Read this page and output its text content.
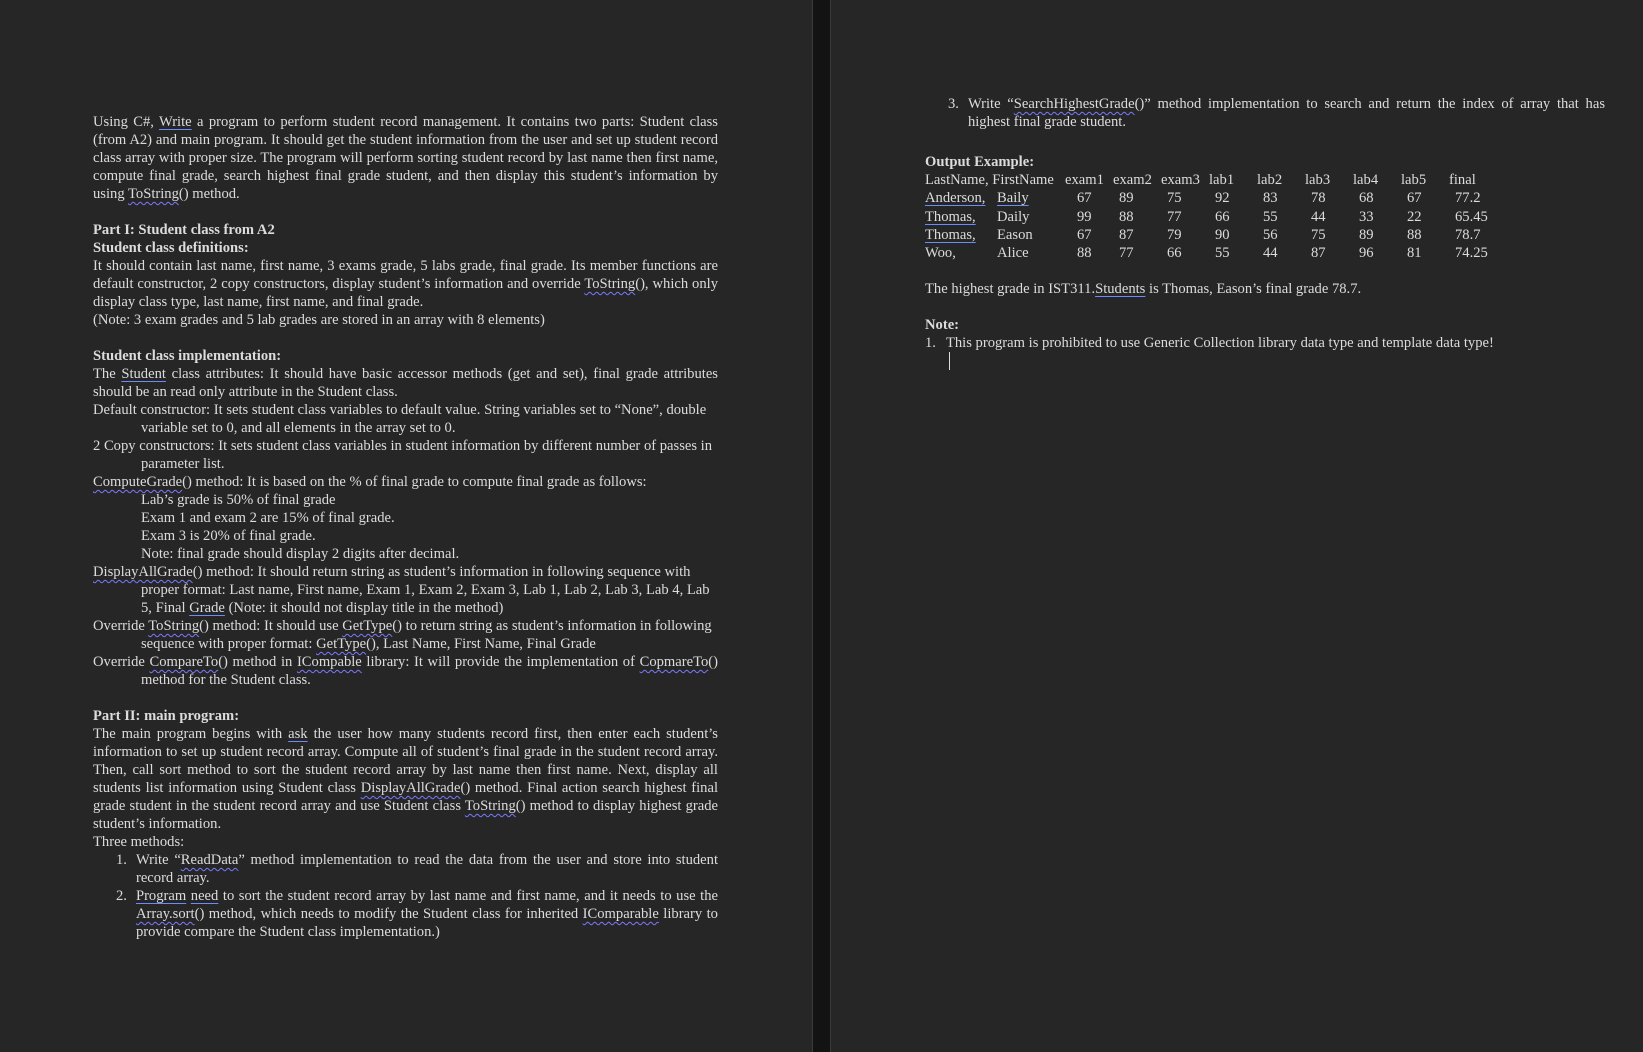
Using C#, Write a program to perform student record management. It contains two parts: Student class (from A2) and main program. It should get the student information from the user and set up student record class array with proper size. The program will perform sorting student record by last name then first name, compute final grade, search highest final grade student, and then display this student’s information by using ToString() method.

Part I: Student class from A2

Student class definitions:

It should contain last name, first name, 3 exams grade, 5 labs grade, final grade. Its member functions are default constructor, 2 copy constructors, display student’s information and override ToString(), which only display class type, last name, first name, and final grade.

(Note: 3 exam grades and 5 lab grades are stored in an array with 8 elements)

Student class implementation:

The Student class attributes: It should have basic accessor methods (get and set), final grade attributes should be an read only attribute in the Student class.

Default constructor: It sets student class variables to default value. String variables set to “None”, double variable set to 0, and all elements in the array set to 0.

2 Copy constructors: It sets student class variables in student information by different number of passes in parameter list.

ComputeGrade() method: It is based on the % of final grade to compute final grade as follows:

Lab’s grade is 50% of final grade

Exam 1 and exam 2 are 15% of final grade.

Exam 3 is 20% of final grade.

Note: final grade should display 2 digits after decimal.

DisplayAllGrade() method: It should return string as student’s information in following sequence with proper format: Last name, First name, Exam 1, Exam 2, Exam 3, Lab 1, Lab 2, Lab 3, Lab 4, Lab 5, Final Grade (Note: it should not display title in the method)

Override ToString() method: It should use GetType() to return string as student’s information in following sequence with proper format: GetType(), Last Name, First Name, Final Grade

Override CompareTo() method in ICompable library: It will provide the implementation of CopmareTo() method for the Student class.

Part II: main program:

The main program begins with ask the user how many students record first, then enter each student’s information to set up student record array. Compute all of student’s final grade in the student record array. Then, call sort method to sort the student record array by last name then first name. Next, display all students list information using Student class DisplayAllGrade() method. Final action search highest final grade student in the student record array and use Student class ToString() method to display highest grade student’s information.

Three methods:

1. Write “ReadData” method implementation to read the data from the user and store into student record array.
2. Program need to sort the student record array by last name and first name, and it needs to use the Array.sort() method, which needs to modify the Student class for inherited IComparable library to provide compare the Student class implementation.)
3. Write “SearchHighestGrade()” method implementation to search and return the index of array that has highest final grade student.

Output Example:

LastName, FirstName		exam1	exam2	exam3	lab1	lab2	lab3	lab4	lab5	final
Anderson,	Baily	67	89	75	92	83	78	68	67	77.2
Thomas,	Daily	99	88	77	66	55	44	33	22	65.45
Thomas,	Eason	67	87	79	90	56	75	89	88	78.7
Woo,	Alice	88	77	66	55	44	87	96	81	74.25

The highest grade in IST311.Students is Thomas, Eason’s final grade 78.7.

Note:

1. This program is prohibited to use Generic Collection library data type and template data type!
